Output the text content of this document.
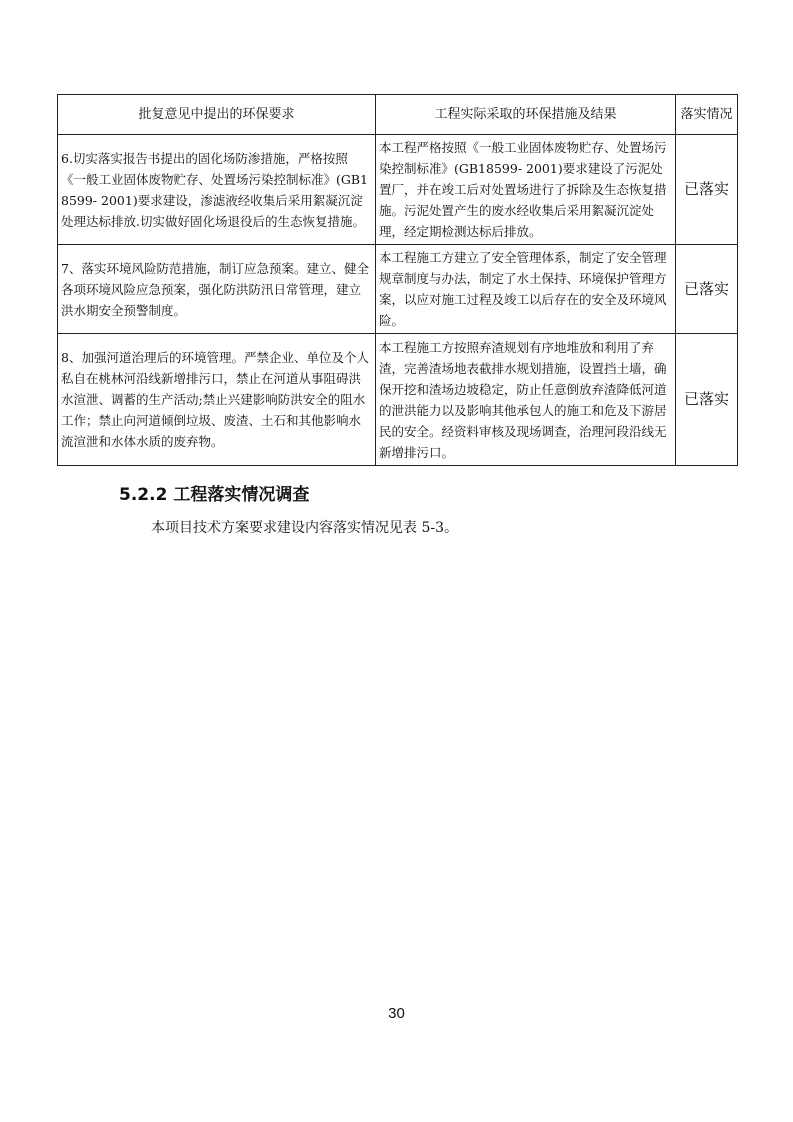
批复意见中提出的环保要求	工程实际采取的环保措施及结果	落实情况
6.切实落实报告书提出的固化场防渗措施，严格按照《一般工业固体废物贮存、处置场污染控制标准》(GB18599- 2001)要求建设，渗滤液经收集后采用絮凝沉淀处理达标排放.切实做好固化场退役后的生态恢复措施。	本工程严格按照《一般工业固体废物贮存、处置场污染控制标准》(GB18599- 2001)要求建设了污泥处置厂，并在竣工后对处置场进行了拆除及生态恢复措施。污泥处置产生的废水经收集后采用絮凝沉淀处理，经定期检测达标后排放。	已落实
7、落实环境风险防范措施，制订应急预案。建立、健全各项环境风险应急预案，强化防洪防汛日常管理，建立洪水期安全预警制度。	本工程施工方建立了安全管理体系，制定了安全管理规章制度与办法，制定了水土保持、环境保护管理方案，以应对施工过程及竣工以后存在的安全及环境风险。	已落实
8、加强河道治理后的环境管理。严禁企业、单位及个人私自在桃林河沿线新增排污口，禁止在河道从事阻碍洪水渲泄、调蓄的生产活动;禁止兴建影响防洪安全的阻水工作；禁止向河道倾倒垃圾、废渣、土石和其他影响水流渲泄和水体水质的废弃物。	本工程施工方按照弃渣规划有序地堆放和利用了弃渣，完善渣场地表截排水规划措施，设置挡土墙，确保开挖和渣场边坡稳定，防止任意倒放弃渣降低河道的泄洪能力以及影响其他承包人的施工和危及下游居民的安全。经资料审核及现场调查，治理河段沿线无新增排污口。	已落实
5.2.2 工程落实情况调查

本项目技术方案要求建设内容落实情况见表 5-3。

30
